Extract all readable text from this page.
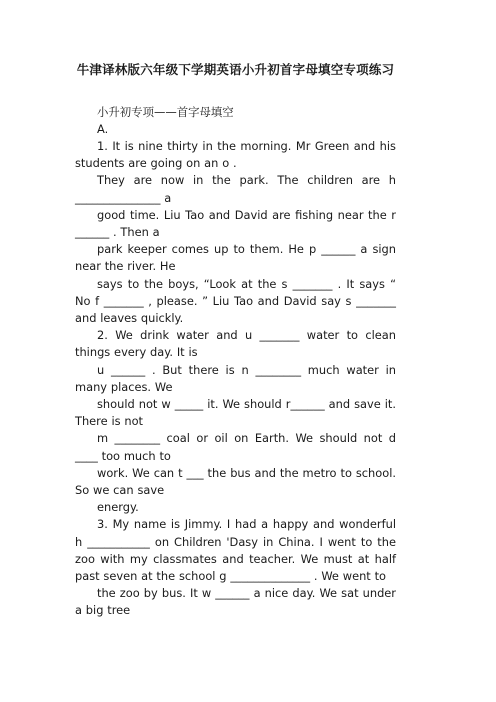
牛津译林版六年级下学期英语小升初首字母填空专项练习
小升初专项——首字母填空
A.

1. It is nine thirty in the morning. Mr Green and his students are going on an o .

They are now in the park. The children are h _______________ a

good time. Liu Tao and David are fishing near the r ______ . Then a

park keeper comes up to them. He p ______ a sign near the river. He

says to the boys, “Look at the s _______ . It says “ No f _______ , please. ” Liu Tao and David say s _______ and leaves quickly.

2. We drink water and u _______ water to clean things every day. It is

u ______ . But there is n ________ much water in many places. We

should not w _____ it. We should r______ and save it. There is not

m ________ coal or oil on Earth. We should not d ____ too much to

work. We can t ___ the bus and the metro to school. So we can save

energy.

3. My name is Jimmy. I had a happy and wonderful h ___________ on Children 'Dasy in China. I went to the zoo with my classmates and teacher. We must at half past seven at the school g ______________ . We went to

the zoo by bus. It w ______ a nice day. We sat under a big tree
